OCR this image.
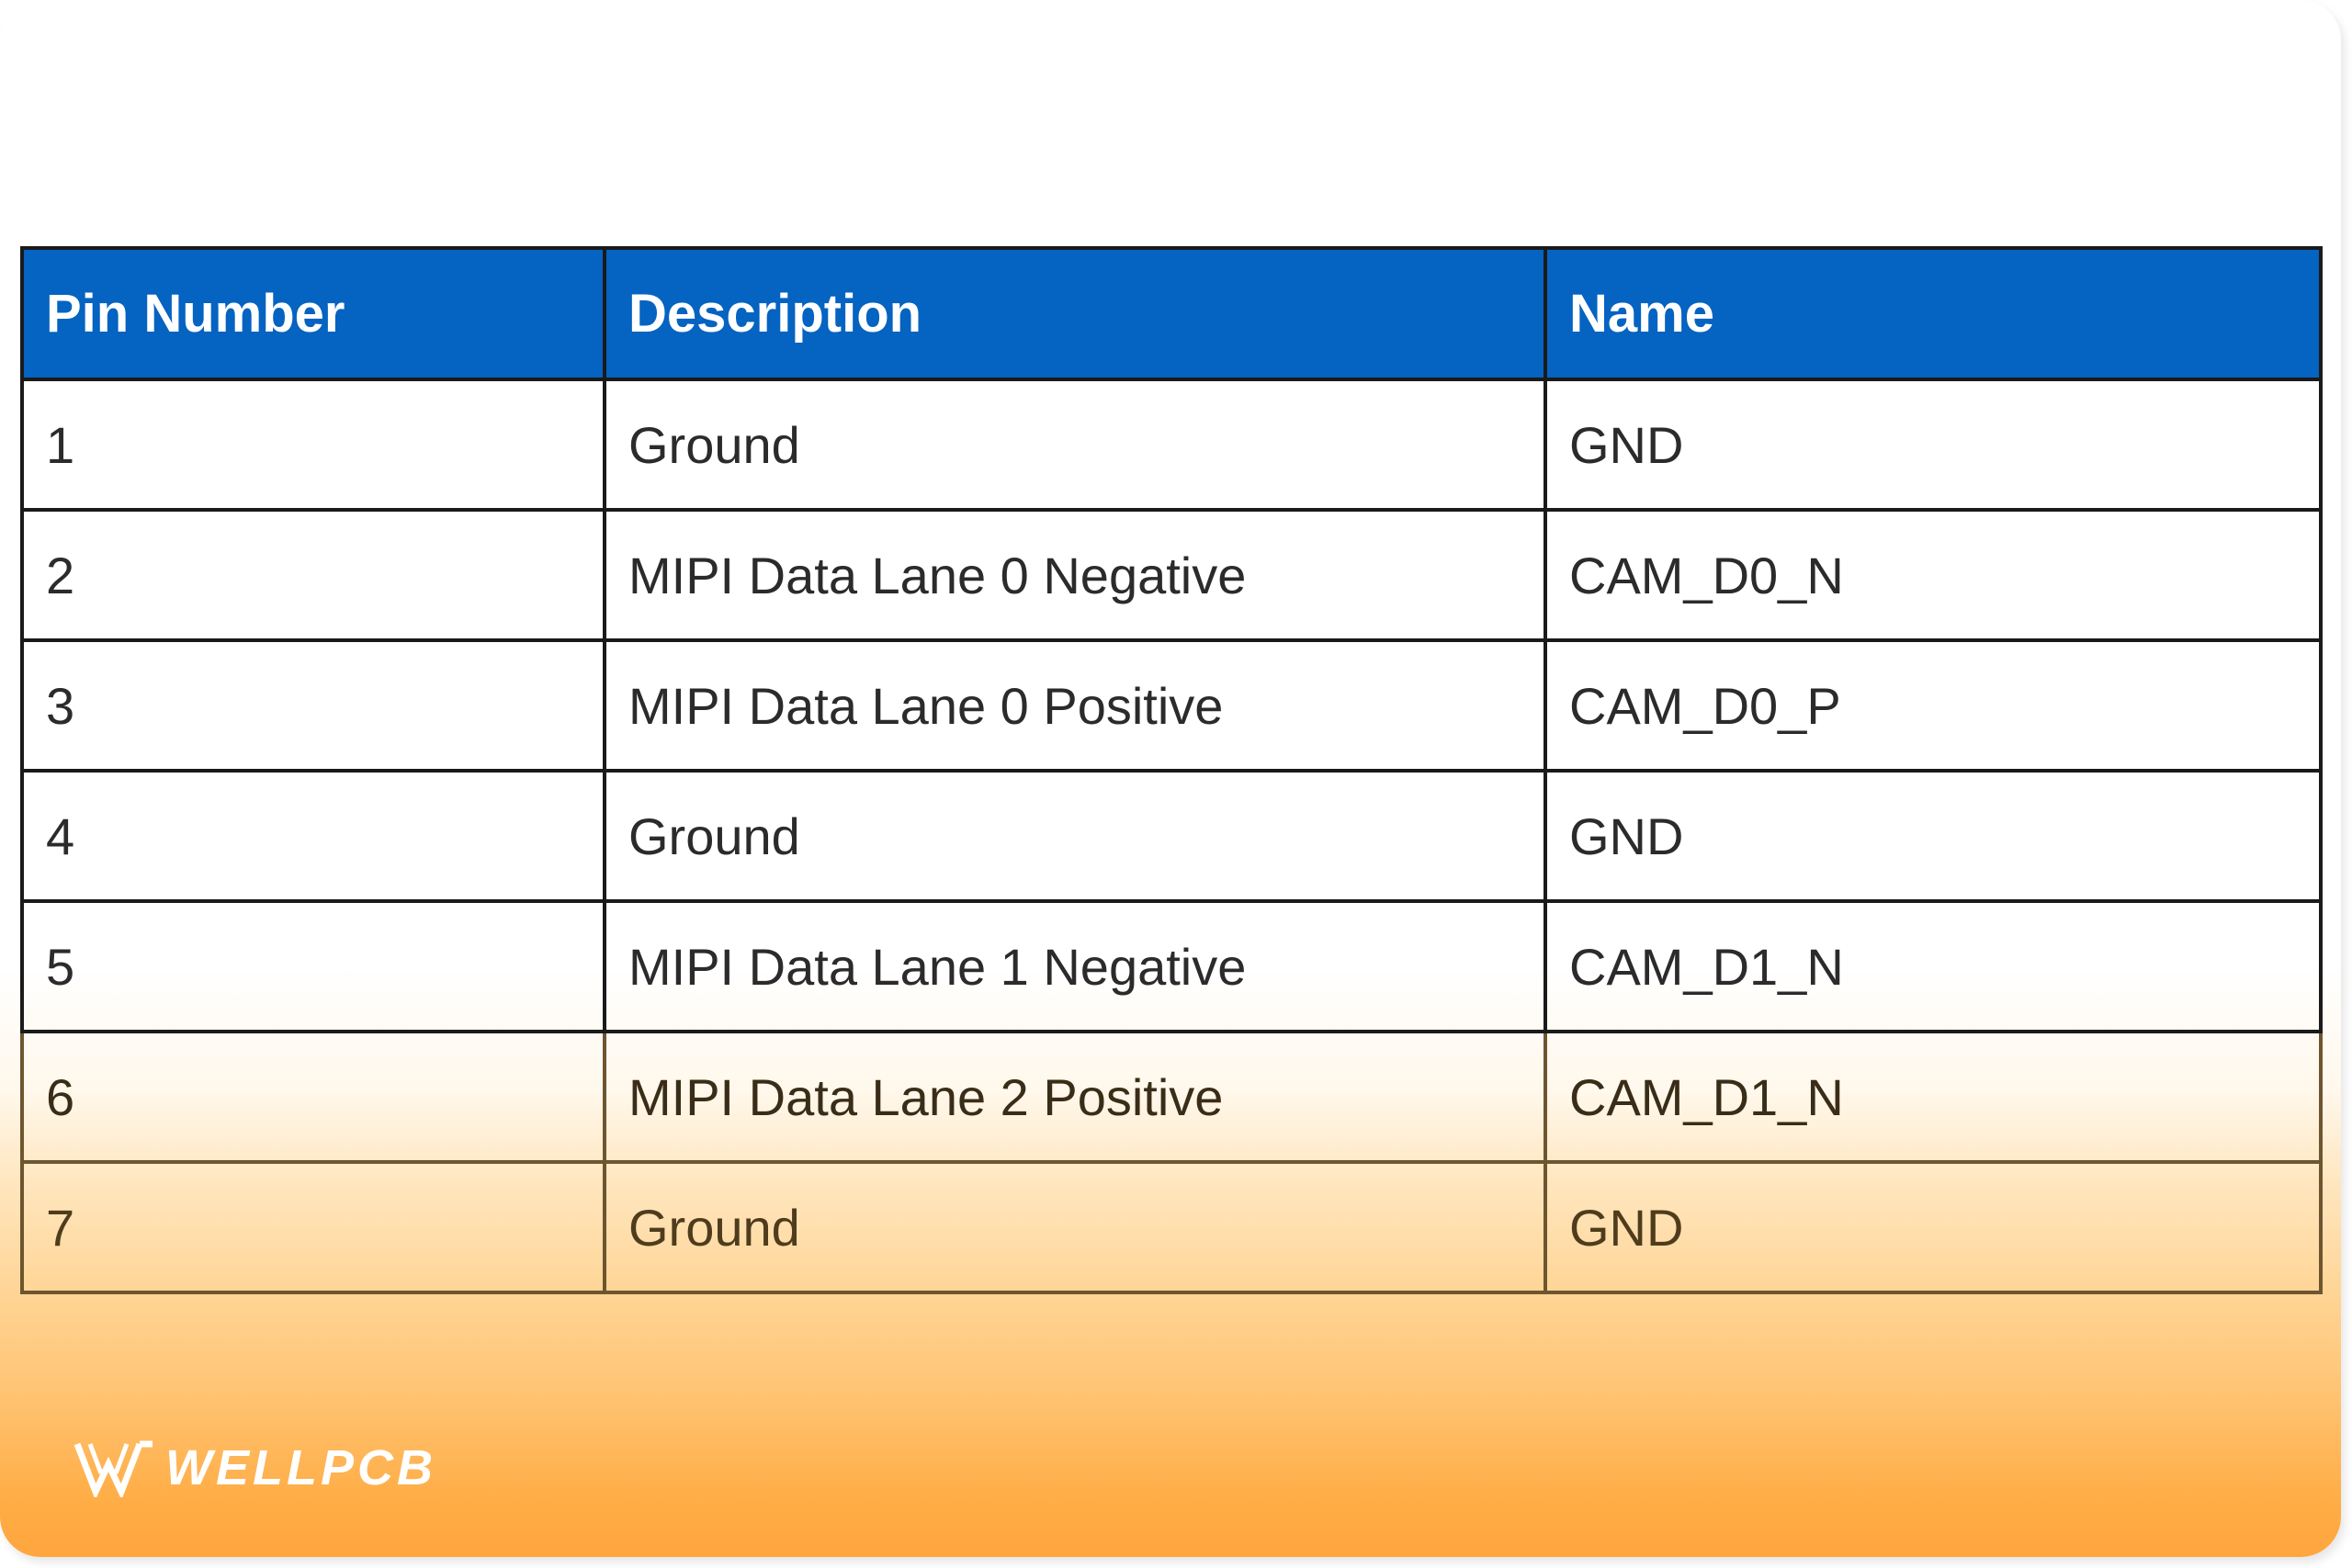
Pin Number	Description	Name
1	Ground	GND
2	MIPI Data Lane 0 Negative	CAM_D0_N
3	MIPI Data Lane 0 Positive	CAM_D0_P
4	Ground	GND
5	MIPI Data Lane 1 Negative	CAM_D1_N
6	MIPI Data Lane 2 Positive	CAM_D1_N
7	Ground	GND
WELLPCB
